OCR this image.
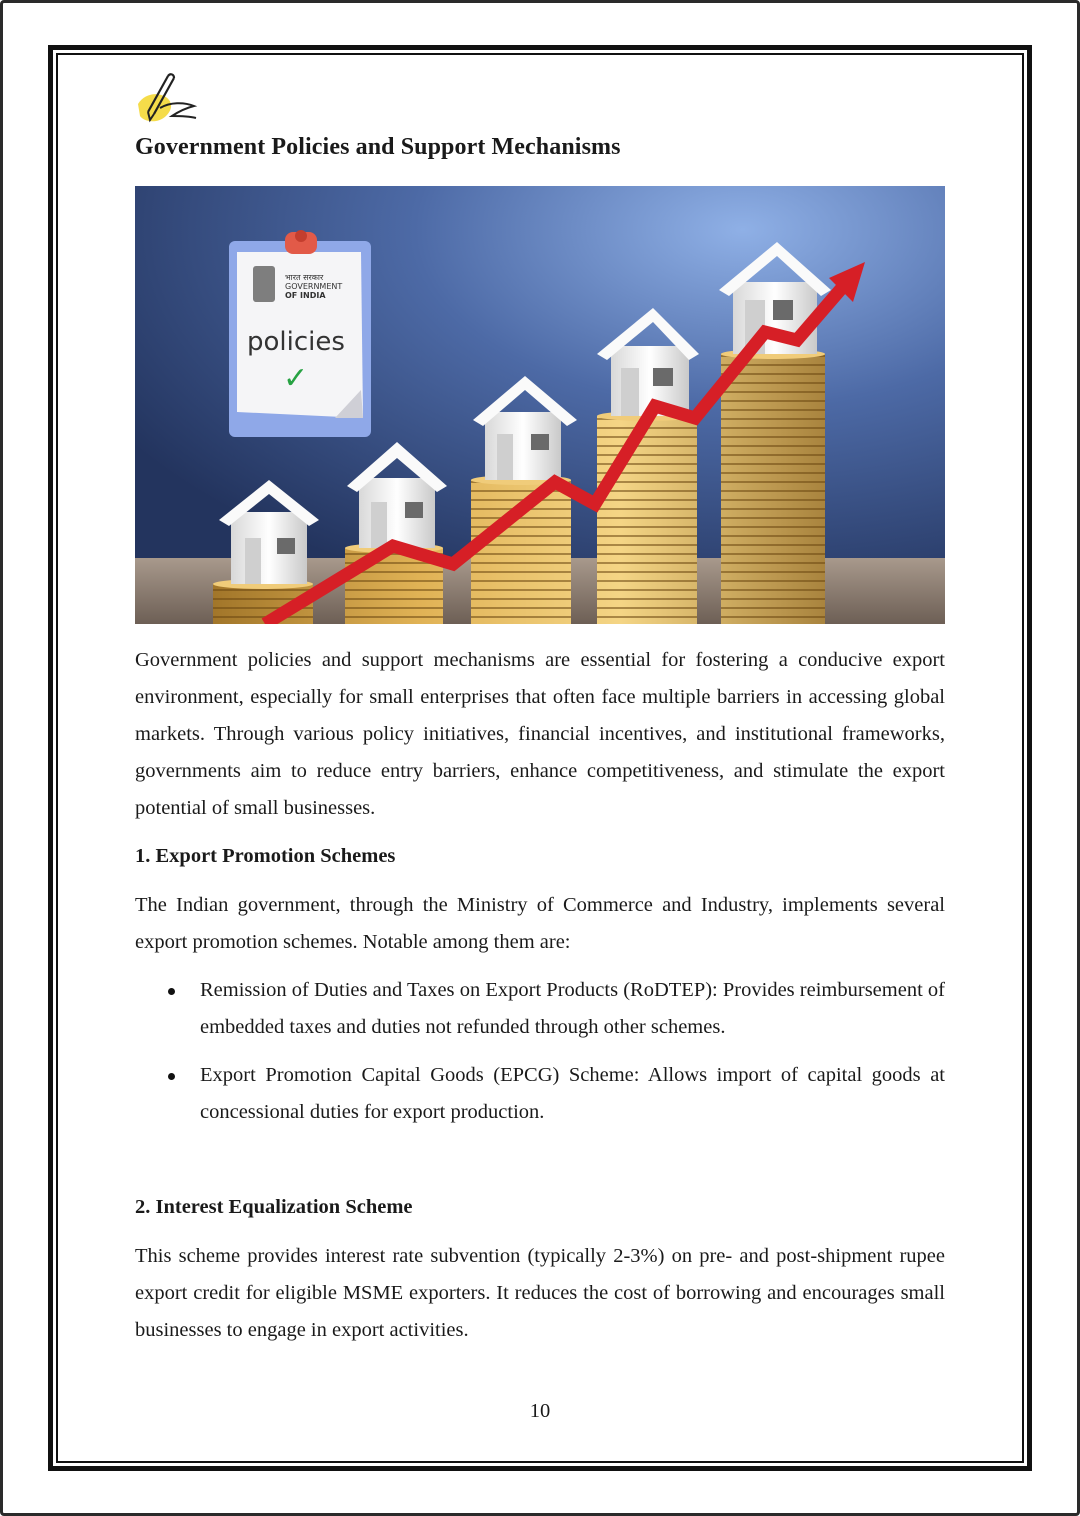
Government Policies and Support Mechanisms
भारत सरकार
GOVERNMENT
OF INDIA
policies
✓

Government policies and support mechanisms are essential for fostering a conducive export environment, especially for small enterprises that often face multiple barriers in accessing global markets. Through various policy initiatives, financial incentives, and institutional frameworks, governments aim to reduce entry barriers, enhance competitiveness, and stimulate the export potential of small businesses.

1. Export Promotion Schemes

The Indian government, through the Ministry of Commerce and Industry, implements several export promotion schemes. Notable among them are:

Remission of Duties and Taxes on Export Products (RoDTEP): Provides reimbursement of embedded taxes and duties not refunded through other schemes.
Export Promotion Capital Goods (EPCG) Scheme: Allows import of capital goods at concessional duties for export production.
2. Interest Equalization Scheme

This scheme provides interest rate subvention (typically 2-3%) on pre- and post-shipment rupee export credit for eligible MSME exporters. It reduces the cost of borrowing and encourages small businesses to engage in export activities.

10
